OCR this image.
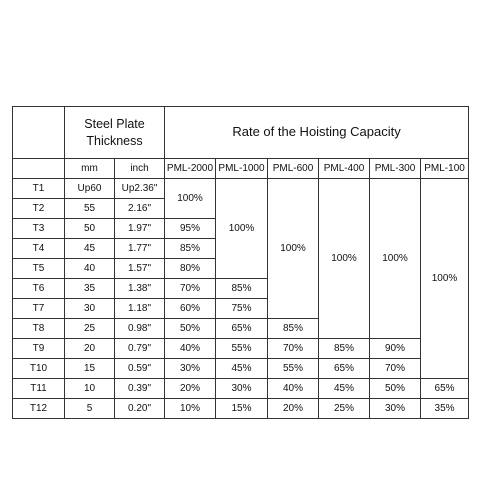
	Steel Plate
Thickness		Rate of the Hoisting Capacity					
	mm	inch	PML-2000	PML-1000	PML-600	PML-400	PML-300	PML-100
T1	Up60	Up2.36"	100%	100%	100%	100%	100%	100%
T2	55	2.16"						
T3	50	1.97"	95%					
T4	45	1.77"	85%					
T5	40	1.57"	80%					
T6	35	1.38"	70%	85%				
T7	30	1.18"	60%	75%				
T8	25	0.98"	50%	65%	85%			
T9	20	0.79"	40%	55%	70%	85%	90%	
T10	15	0.59"	30%	45%	55%	65%	70%	
T11	10	0.39"	20%	30%	40%	45%	50%	65%
T12	5	0.20"	10%	15%	20%	25%	30%	35%
